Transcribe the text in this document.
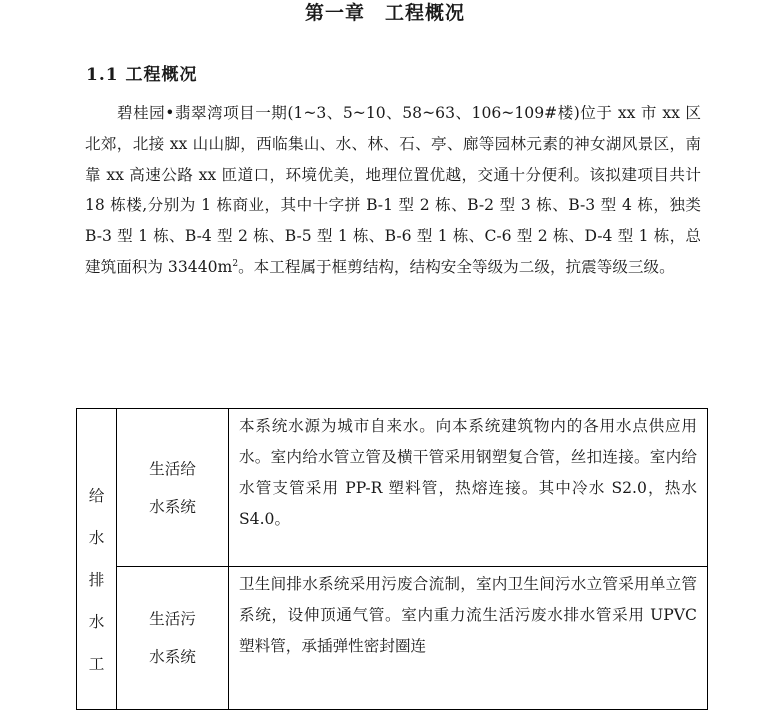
第一章　工程概况
1.1 工程概况

碧桂园•翡翠湾项目一期(1~3、5~10、58~63、106~109#楼)位于 xx 市 xx 区北郊，北接 xx 山山脚，西临集山、水、林、石、亭、廊等园林元素的神女湖风景区，南靠 xx 高速公路 xx 匝道口，环境优美，地理位置优越，交通十分便利。该拟建项目共计 18 栋楼,分别为 1 栋商业，其中十字拼 B-1 型 2 栋、B-2 型 3 栋、B-3 型 4 栋，独类 B-3 型 1 栋、B-4 型 2 栋、B-5 型 1 栋、B-6 型 1 栋、C-6 型 2 栋、D-4 型 1 栋，总建筑面积为 $33440m^2$。本工程属于框剪结构，结构安全等级为二级，抗震等级三级。

给
水
排
水
工	生活给水系统	本系统水源为城市自来水。向本系统建筑物内的各用水点供应用水。室内给水管立管及横干管采用钢塑复合管，丝扣连接。室内给水管支管采用 PP-R 塑料管，热熔连接。其中冷水 S2.0，热水 S4.0。

	生活污水系统	卫生间排水系统采用污废合流制，室内卫生间污水立管采用单立管系统，设伸顶通气管。室内重力流生活污废水排水管采用 UPVC 塑料管，承插弹性密封圈连
